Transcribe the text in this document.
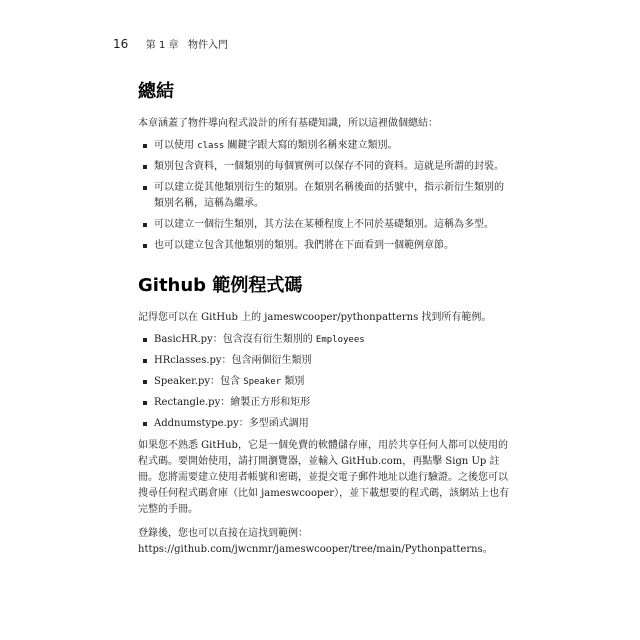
16 第 1 章 物件入門
總結

本章涵蓋了物件導向程式設計的所有基礎知識，所以這裡做個總結：

可以使用 class 關鍵字跟大寫的類別名稱來建立類別。
類別包含資料，一個類別的每個實例可以保存不同的資料。這就是所謂的封裝。
可以建立從其他類別衍生的類別。在類別名稱後面的括號中，指示新衍生類別的類別名稱，這稱為繼承。
可以建立一個衍生類別，其方法在某種程度上不同於基礎類別。這稱為多型。
也可以建立包含其他類別的類別。我們將在下面看到一個範例章節。
Github 範例程式碼

記得您可以在 GitHub 上的 jameswcooper/pythonpatterns 找到所有範例。

BasicHR.py：包含沒有衍生類別的 Employees
HRclasses.py：包含兩個衍生類別
Speaker.py：包含 Speaker 類別
Rectangle.py：繪製正方形和矩形
Addnumstype.py：多型函式調用

如果您不熟悉 GitHub，它是一個免費的軟體儲存庫，用於共享任何人都可以使用的程式碼。要開始使用，請打開瀏覽器，並輸入 GitHub.com，再點擊 Sign Up 註冊。您將需要建立使用者帳號和密碼，並提交電子郵件地址以進行驗證。之後您可以搜尋任何程式碼倉庫（比如 jameswcooper），並下載想要的程式碼，該網站上也有完整的手冊。

登錄後，您也可以直接在這找到範例：

https://github.com/jwcnmr/jameswcooper/tree/main/Pythonpatterns。
